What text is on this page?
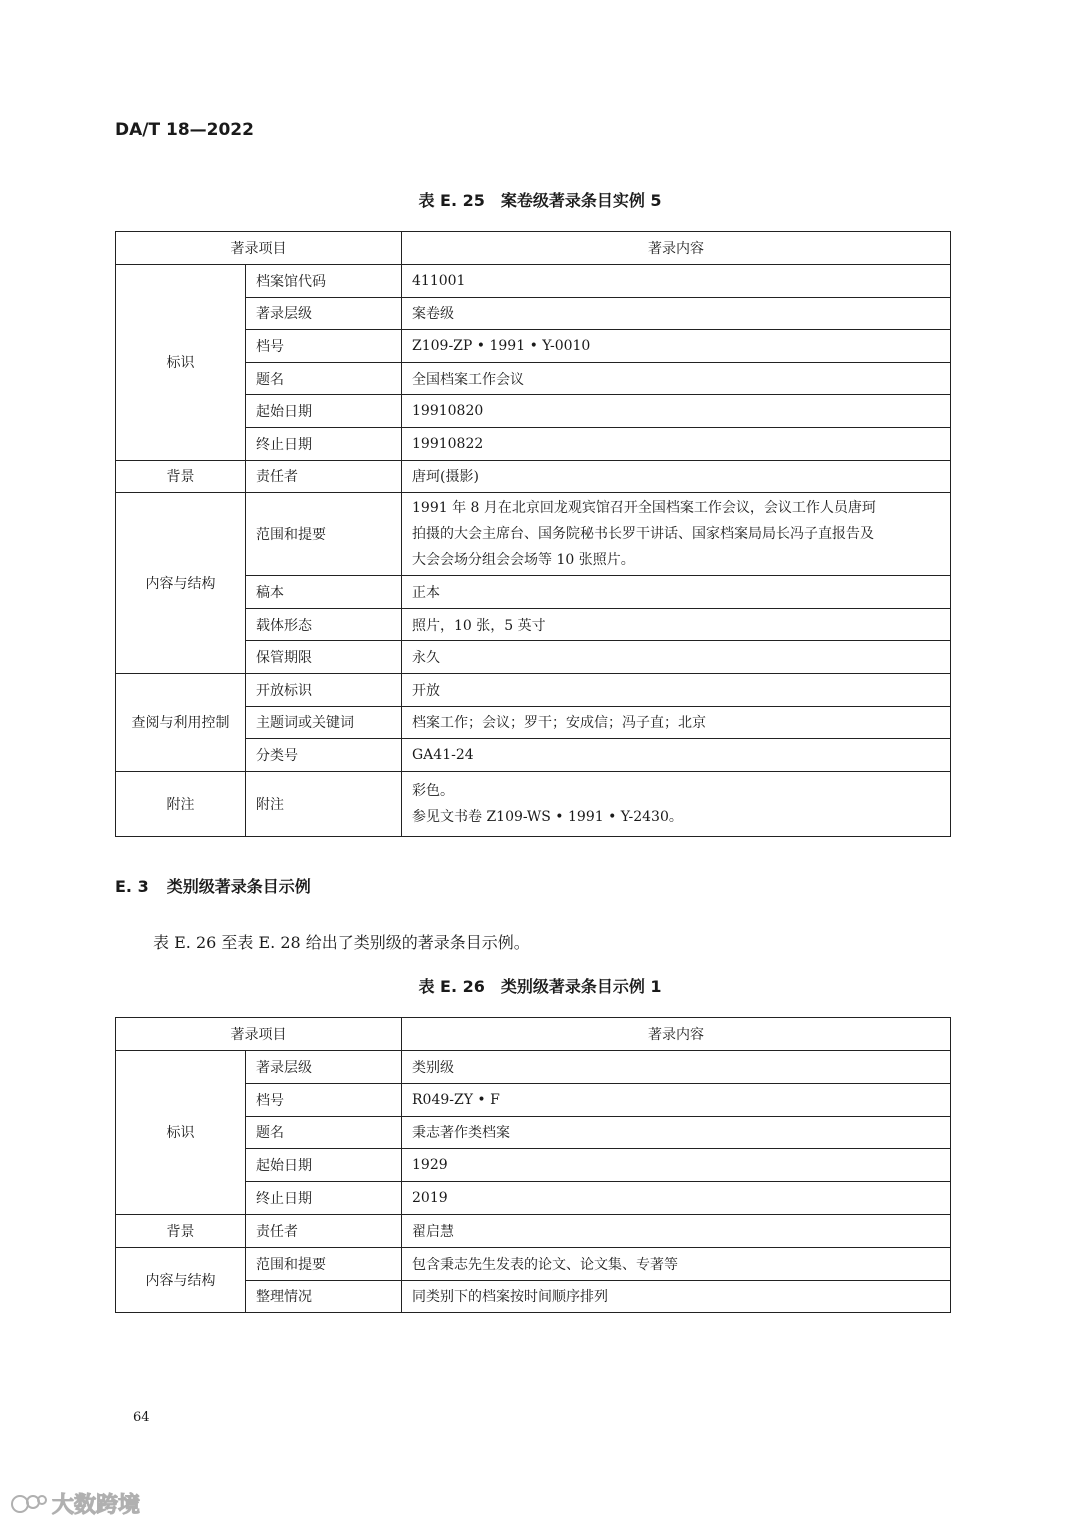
DA/T 18—2022
表 E. 25　案卷级著录条目实例 5
著录项目		著录内容
标识	档案馆代码	411001

	著录层级	案卷级

	档号	Z109-ZP • 1991 • Y-0010

	题名	全国档案工作会议

	起始日期	19910820

	终止日期	19910822

背景	责任者	唐珂(摄影)

内容与结构	范围和提要	1991 年 8 月在北京回龙观宾馆召开全国档案工作会议，会议工作人员唐珂
拍摄的大会主席台、国务院秘书长罗干讲话、国家档案局局长冯子直报告及
大会会场分组会会场等 10 张照片。

	稿本	正本

	载体形态	照片，10 张，5 英寸

	保管期限	永久

查阅与利用控制	开放标识	开放

	主题词或关键词	档案工作；会议；罗干；安成信；冯子直；北京

	分类号	GA41-24

附注	附注	彩色。
参见文书卷 Z109-WS • 1991 • Y-2430。
E. 3 类别级著录条目示例
表 E. 26 至表 E. 28 给出了类别级的著录条目示例。
表 E. 26　类别级著录条目示例 1
著录项目		著录内容
标识	著录层级	类别级

	档号	R049-ZY • F

	题名	秉志著作类档案

	起始日期	1929

	终止日期	2019

背景	责任者	翟启慧

内容与结构	范围和提要	包含秉志先生发表的论文、论文集、专著等

	整理情况	同类别下的档案按时间顺序排列
64
大数跨境
